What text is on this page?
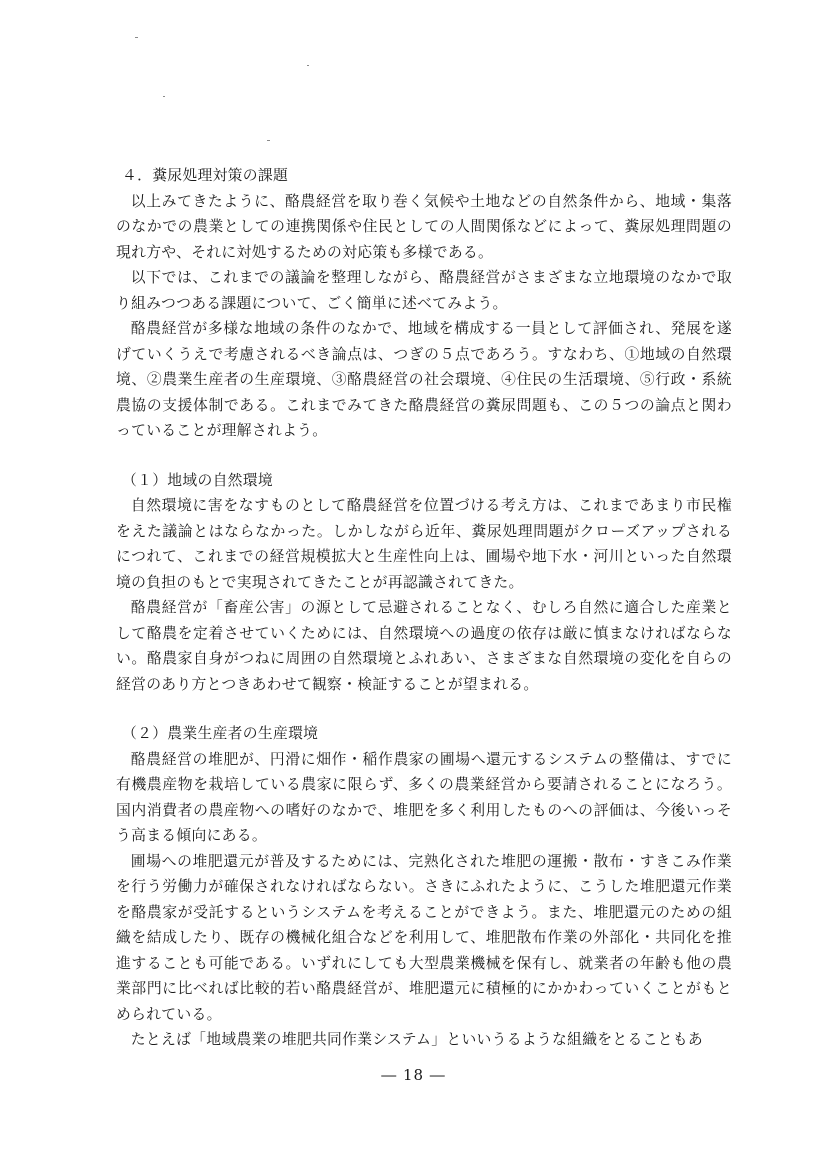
４．糞尿処理対策の課題

以上みてきたように、酪農経営を取り巻く気候や土地などの自然条件から、地域・集落のなかでの農業としての連携関係や住民としての人間関係などによって、糞尿処理問題の現れ方や、それに対処するための対応策も多様である。

以下では、これまでの議論を整理しながら、酪農経営がさまざまな立地環境のなかで取り組みつつある課題について、ごく簡単に述べてみよう。

酪農経営が多様な地域の条件のなかで、地域を構成する一員として評価され、発展を遂げていくうえで考慮されるべき論点は、つぎの５点であろう。すなわち、①地域の自然環境、②農業生産者の生産環境、③酪農経営の社会環境、④住民の生活環境、⑤行政・系統農協の支援体制である。これまでみてきた酪農経営の糞尿問題も、この５つの論点と関わっていることが理解されよう。

（１）地域の自然環境

自然環境に害をなすものとして酪農経営を位置づける考え方は、これまであまり市民権をえた議論とはならなかった。しかしながら近年、糞尿処理問題がクローズアップされるにつれて、これまでの経営規模拡大と生産性向上は、圃場や地下水・河川といった自然環境の負担のもとで実現されてきたことが再認識されてきた。

酪農経営が「畜産公害」の源として忌避されることなく、むしろ自然に適合した産業として酪農を定着させていくためには、自然環境への過度の依存は厳に慎まなければならない。酪農家自身がつねに周囲の自然環境とふれあい、さまざまな自然環境の変化を自らの経営のあり方とつきあわせて観察・検証することが望まれる。

（２）農業生産者の生産環境

酪農経営の堆肥が、円滑に畑作・稲作農家の圃場へ還元するシステムの整備は、すでに有機農産物を栽培している農家に限らず、多くの農業経営から要請されることになろう。国内消費者の農産物への嗜好のなかで、堆肥を多く利用したものへの評価は、今後いっそう高まる傾向にある。

圃場への堆肥還元が普及するためには、完熟化された堆肥の運搬・散布・すきこみ作業を行う労働力が確保されなければならない。さきにふれたように、こうした堆肥還元作業を酪農家が受託するというシステムを考えることができよう。また、堆肥還元のための組織を結成したり、既存の機械化組合などを利用して、堆肥散布作業の外部化・共同化を推進することも可能である。いずれにしても大型農業機械を保有し、就業者の年齢も他の農業部門に比べれば比較的若い酪農経営が、堆肥還元に積極的にかかわっていくことがもとめられている。

たとえば「地域農業の堆肥共同作業システム」といいうるような組織をとることもあ

― 18 ―
